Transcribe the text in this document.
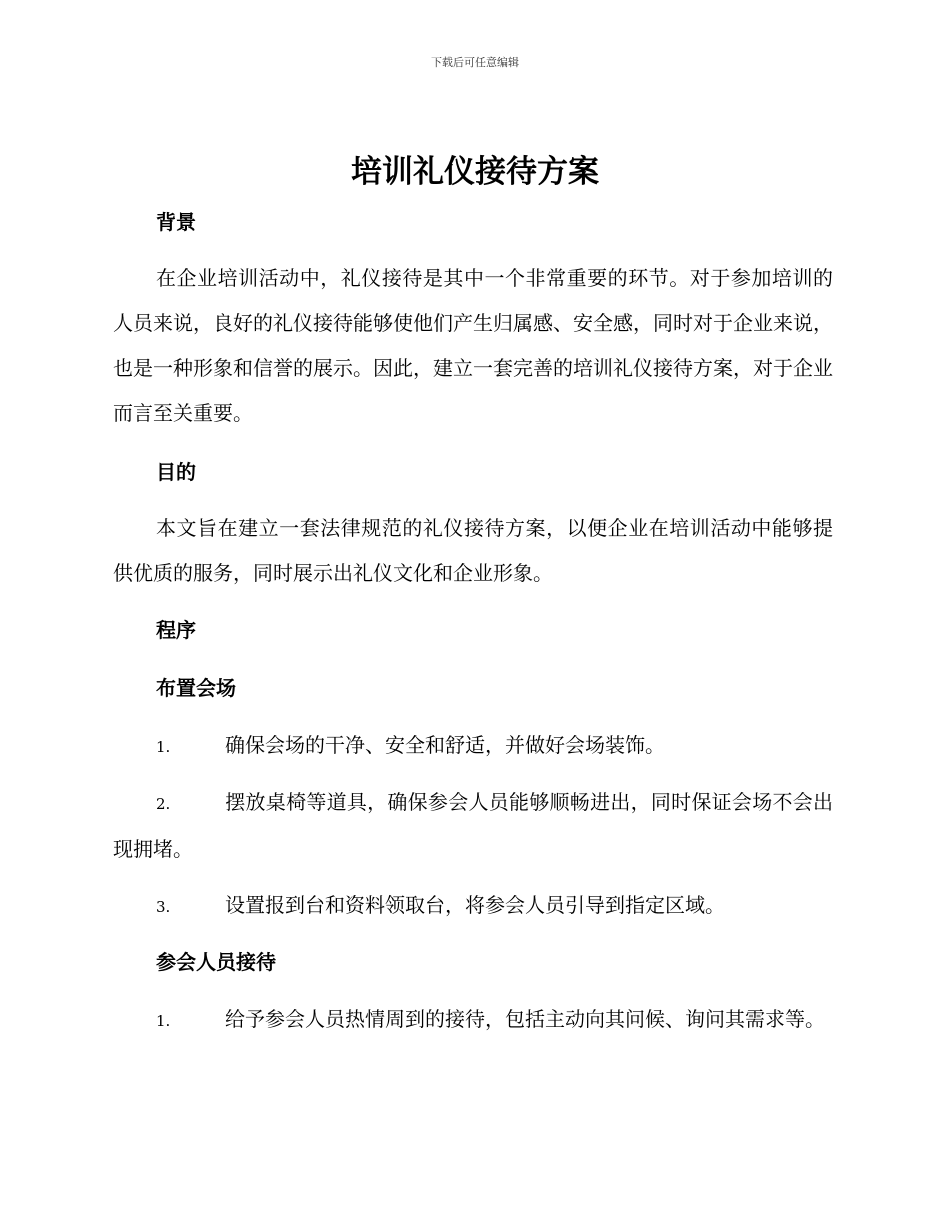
下载后可任意编辑
培训礼仪接待方案
背景

在企业培训活动中，礼仪接待是其中一个非常重要的环节。对于参加培训的人员来说，良好的礼仪接待能够使他们产生归属感、安全感，同时对于企业来说，也是一种形象和信誉的展示。因此，建立一套完善的培训礼仪接待方案，对于企业而言至关重要。

目的

本文旨在建立一套法律规范的礼仪接待方案，以便企业在培训活动中能够提供优质的服务，同时展示出礼仪文化和企业形象。

程序
布置会场

1.	确保会场的干净、安全和舒适，并做好会场装饰。

2.	摆放桌椅等道具，确保参会人员能够顺畅进出，同时保证会场不会出现拥堵。

3.	设置报到台和资料领取台，将参会人员引导到指定区域。

参会人员接待

1.	给予参会人员热情周到的接待，包括主动向其问候、询问其需求等。
